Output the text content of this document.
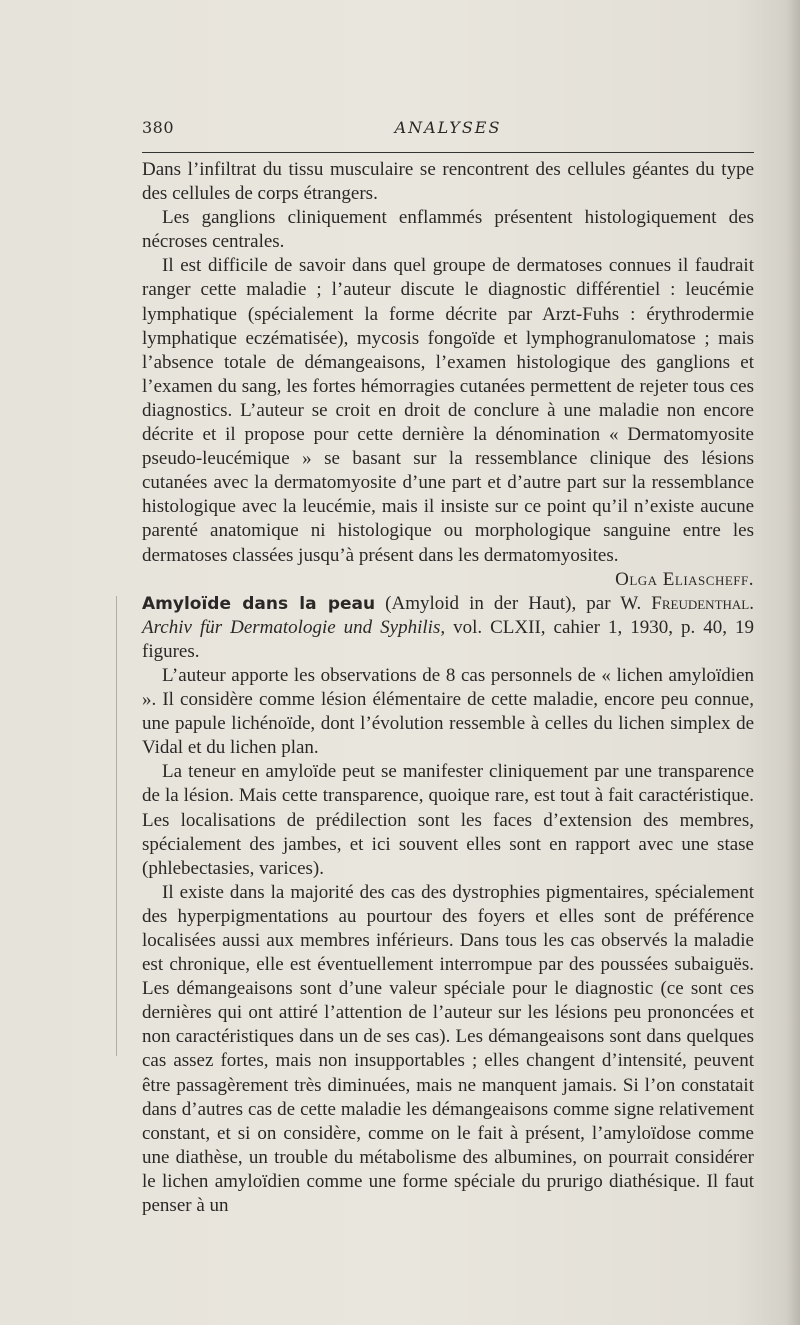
380	ANALYSES

Dans l’infiltrat du tissu musculaire se rencontrent des cellules géantes du type des cellules de corps étrangers.

Les ganglions cliniquement enflammés présentent histologiquement des nécroses centrales.

Il est difficile de savoir dans quel groupe de dermatoses connues il faudrait ranger cette maladie ; l’auteur discute le diagnostic différentiel : leucémie lymphatique (spécialement la forme décrite par Arzt-Fuhs : érythrodermie lymphatique eczématisée), mycosis fongoïde et lymphogranulomatose ; mais l’absence totale de démangeaisons, l’examen histologique des ganglions et l’examen du sang, les fortes hémorragies cutanées permettent de rejeter tous ces diagnostics. L’auteur se croit en droit de conclure à une maladie non encore décrite et il propose pour cette dernière la dénomination « Dermatomyosite pseudo-leucémique » se basant sur la ressemblance clinique des lésions cutanées avec la dermatomyosite d’une part et d’autre part sur la ressemblance histologique avec la leucémie, mais il insiste sur ce point qu’il n’existe aucune parenté anatomique ni histologique ou morphologique sanguine entre les dermatoses classées jusqu’à présent dans les dermatomyosites.
Olga Eliascheff.

Amyloïde dans la peau (Amyloid in der Haut), par W. Freudenthal. Archiv für Dermatologie und Syphilis, vol. CLXII, cahier 1, 1930, p. 40, 19 figures.

L’auteur apporte les observations de 8 cas personnels de « lichen amyloïdien ». Il considère comme lésion élémentaire de cette maladie, encore peu connue, une papule lichénoïde, dont l’évolution ressemble à celles du lichen simplex de Vidal et du lichen plan.

La teneur en amyloïde peut se manifester cliniquement par une transparence de la lésion. Mais cette transparence, quoique rare, est tout à fait caractéristique. Les localisations de prédilection sont les faces d’extension des membres, spécialement des jambes, et ici souvent elles sont en rapport avec une stase (phlebectasies, varices).

Il existe dans la majorité des cas des dystrophies pigmentaires, spécialement des hyperpigmentations au pourtour des foyers et elles sont de préférence localisées aussi aux membres inférieurs. Dans tous les cas observés la maladie est chronique, elle est éventuellement interrompue par des poussées subaiguës. Les démangeaisons sont d’une valeur spéciale pour le diagnostic (ce sont ces dernières qui ont attiré l’attention de l’auteur sur les lésions peu prononcées et non caractéristiques dans un de ses cas). Les démangeaisons sont dans quelques cas assez fortes, mais non insupportables ; elles changent d’intensité, peuvent être passagèrement très diminuées, mais ne manquent jamais. Si l’on constatait dans d’autres cas de cette maladie les démangeaisons comme signe relativement constant, et si on considère, comme on le fait à présent, l’amyloïdose comme une diathèse, un trouble du métabolisme des albumines, on pourrait considérer le lichen amyloïdien comme une forme spéciale du prurigo diathésique. Il faut penser à un
